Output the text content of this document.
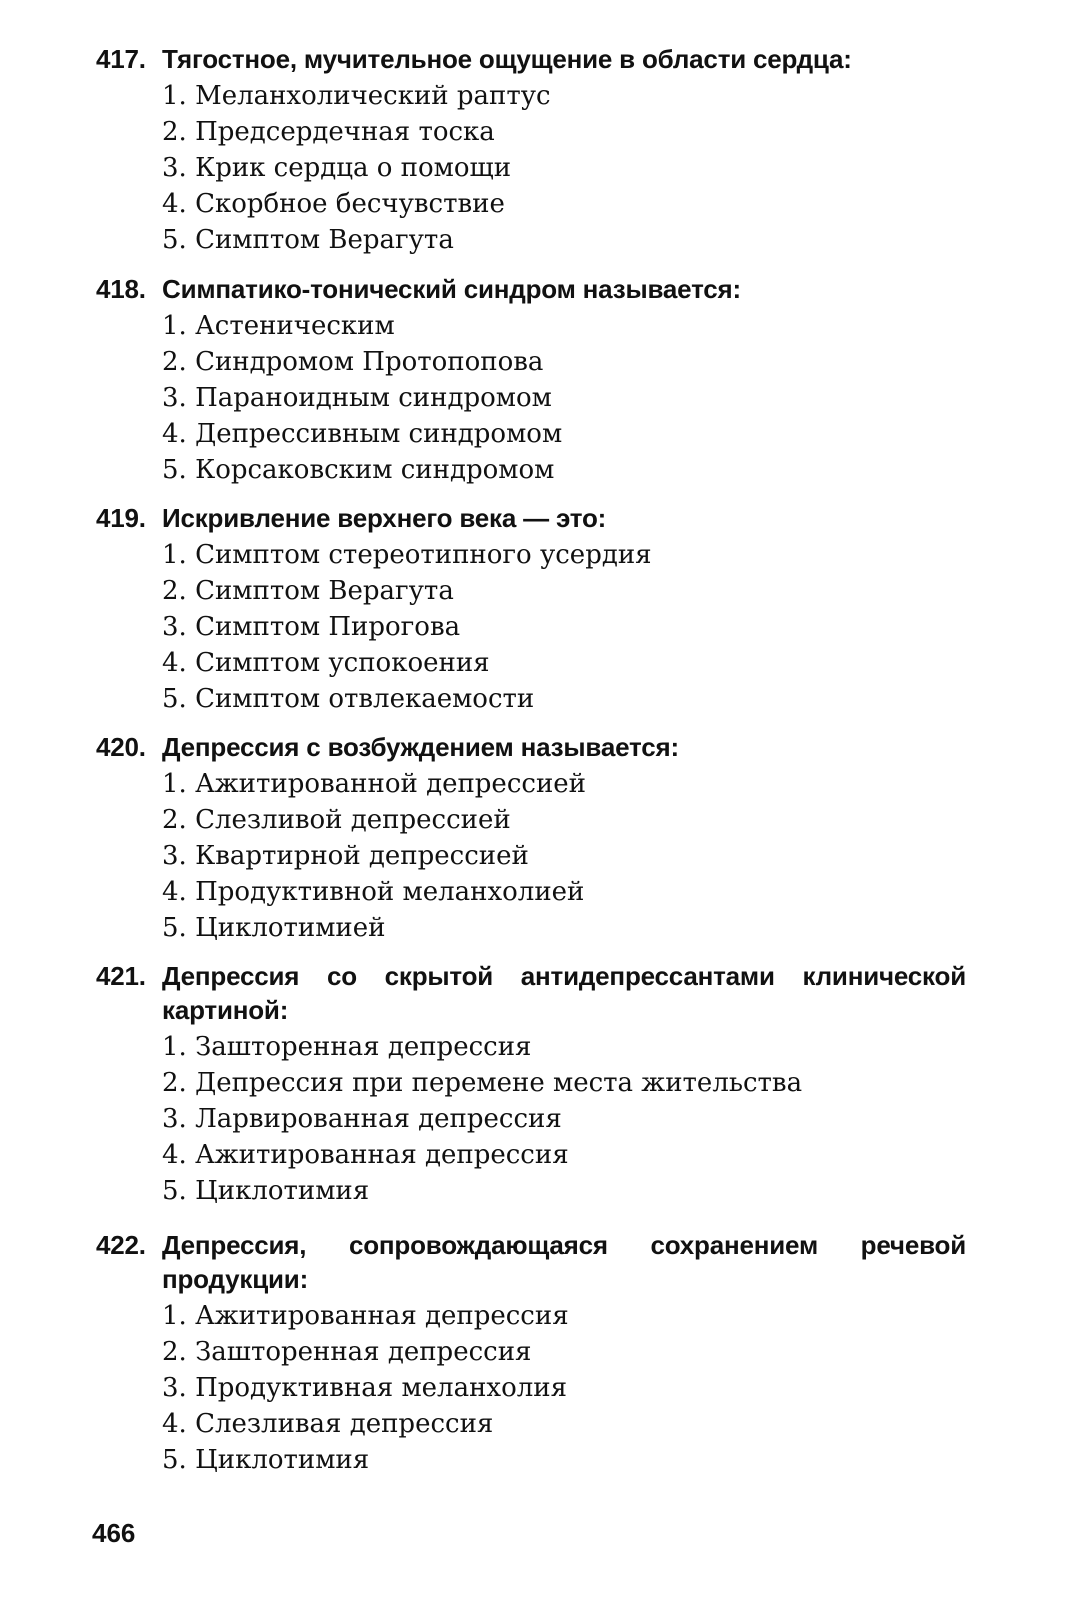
417. Тягостное, мучительное ощущение в области сердца:
1. Меланхолический раптус
2. Предсердечная тоска
3. Крик сердца о помощи
4. Скорбное бесчувствие
5. Симптом Верагута
418. Симпатико-тонический синдром называется:
1. Астеническим
2. Синдромом Протопопова
3. Параноидным синдромом
4. Депрессивным синдромом
5. Корсаковским синдромом
419. Искривление верхнего века — это:
1. Симптом стереотипного усердия
2. Симптом Верагута
3. Симптом Пирогова
4. Симптом успокоения
5. Симптом отвлекаемости
420. Депрессия с возбуждением называется:
1. Ажитированной депрессией
2. Слезливой депрессией
3. Квартирной депрессией
4. Продуктивной меланхолией
5. Циклотимией
421. Депрессия со скрытой антидепрессантами клинической картиной:
1. Зашторенная депрессия
2. Депрессия при перемене места жительства
3. Ларвированная депрессия
4. Ажитированная депрессия
5. Циклотимия
422. Депрессия, сопровождающаяся сохранением речевой продукции:
1. Ажитированная депрессия
2. Зашторенная депрессия
3. Продуктивная меланхолия
4. Слезливая депрессия
5. Циклотимия
466
